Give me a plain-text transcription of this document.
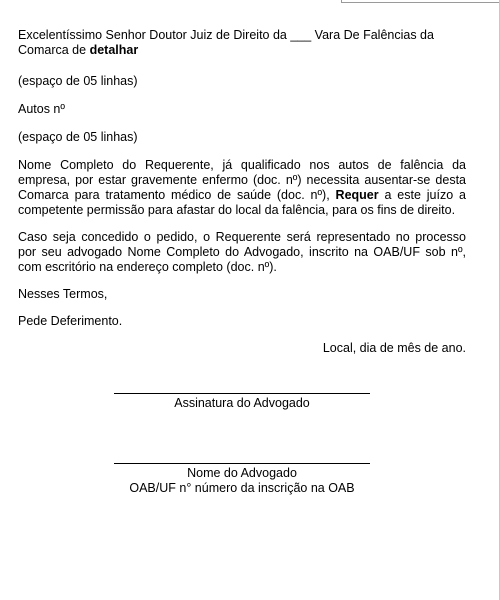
Excelentíssimo Senhor Doutor Juiz de Direito da ___ Vara De Falências da Comarca de detalhar

(espaço de 05 linhas)

Autos nº

(espaço de 05 linhas)

Nome Completo do Requerente, já qualificado nos autos de falência da empresa, por estar gravemente enfermo (doc. nº) necessita ausentar-se desta Comarca para tratamento médico de saúde (doc. nº), Requer a este juízo a competente permissão para afastar do local da falência, para os fins de direito.

Caso seja concedido o pedido, o Requerente será representado no processo por seu advogado Nome Completo do Advogado, inscrito na OAB/UF sob nº, com escritório na endereço completo (doc. nº).

Nesses Termos,

Pede Deferimento.

Local, dia de mês de ano.

Assinatura do Advogado
Nome do Advogado
OAB/UF n° número da inscrição na OAB
